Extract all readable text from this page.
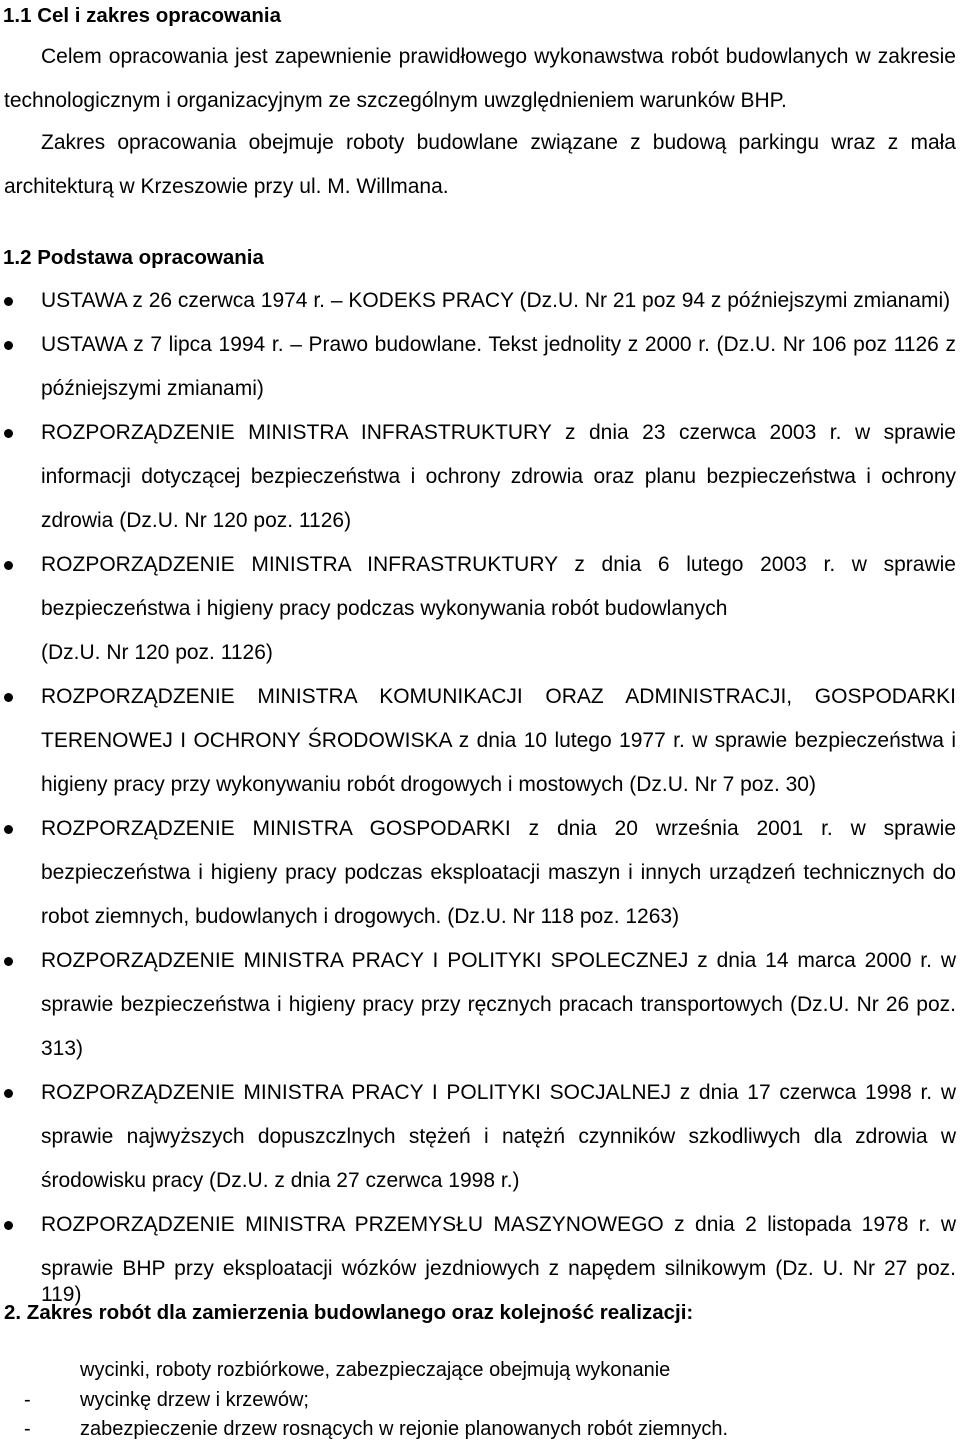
1.1 Cel i zakres opracowania
Celem opracowania jest zapewnienie prawidłowego wykonawstwa robót budowlanych w zakresie
technologicznym i organizacyjnym ze szczególnym uwzględnieniem warunków BHP.
Zakres opracowania obejmuje roboty budowlane związane z budową parkingu wraz z mała
architekturą w Krzeszowie przy ul. M. Willmana.
1.2 Podstawa opracowania
USTAWA z 26 czerwca 1974 r. – KODEKS PRACY (Dz.U. Nr 21 poz 94 z późniejszymi zmianami)
USTAWA z 7 lipca 1994 r. – Prawo budowlane. Tekst jednolity z 2000 r. (Dz.U. Nr 106 poz 1126 z
późniejszymi zmianami)
ROZPORZĄDZENIE MINISTRA INFRASTRUKTURY z dnia 23 czerwca 2003 r. w sprawie
informacji dotyczącej bezpieczeństwa i ochrony zdrowia oraz planu bezpieczeństwa i ochrony
zdrowia (Dz.U. Nr 120 poz. 1126)
ROZPORZĄDZENIE MINISTRA INFRASTRUKTURY z dnia 6 lutego 2003 r. w sprawie
bezpieczeństwa i higieny pracy podczas wykonywania robót budowlanych
(Dz.U. Nr 120 poz. 1126)
ROZPORZĄDZENIE MINISTRA KOMUNIKACJI ORAZ ADMINISTRACJI, GOSPODARKI
TERENOWEJ I OCHRONY ŚRODOWISKA z dnia 10 lutego 1977 r. w sprawie bezpieczeństwa i
higieny pracy przy wykonywaniu robót drogowych i mostowych (Dz.U. Nr 7 poz. 30)
ROZPORZĄDZENIE MINISTRA GOSPODARKI z dnia 20 września 2001 r. w sprawie
bezpieczeństwa i higieny pracy podczas eksploatacji maszyn i innych urządzeń technicznych do
robot ziemnych, budowlanych i drogowych. (Dz.U. Nr 118 poz. 1263)
ROZPORZĄDZENIE MINISTRA PRACY I POLITYKI SPOLECZNEJ z dnia 14 marca 2000 r. w
sprawie bezpieczeństwa i higieny pracy przy ręcznych pracach transportowych (Dz.U. Nr 26 poz.
313)
ROZPORZĄDZENIE MINISTRA PRACY I POLITYKI SOCJALNEJ z dnia 17 czerwca 1998 r. w
sprawie najwyższych dopuszczlnych stężeń i natężń czynników szkodliwych dla zdrowia w
środowisku pracy (Dz.U. z dnia 27 czerwca 1998 r.)
ROZPORZĄDZENIE MINISTRA PRZEMYSŁU MASZYNOWEGO z dnia 2 listopada 1978 r. w
sprawie BHP przy eksploatacji wózków jezdniowych z napędem silnikowym (Dz. U. Nr 27 poz. 119)
2. Zakres robót dla zamierzenia budowlanego oraz kolejność realizacji:
wycinki, roboty rozbiórkowe, zabezpieczające obejmują wykonanie
- wycinkę drzew i krzewów;
- zabezpieczenie drzew rosnących w rejonie planowanych robót ziemnych.
